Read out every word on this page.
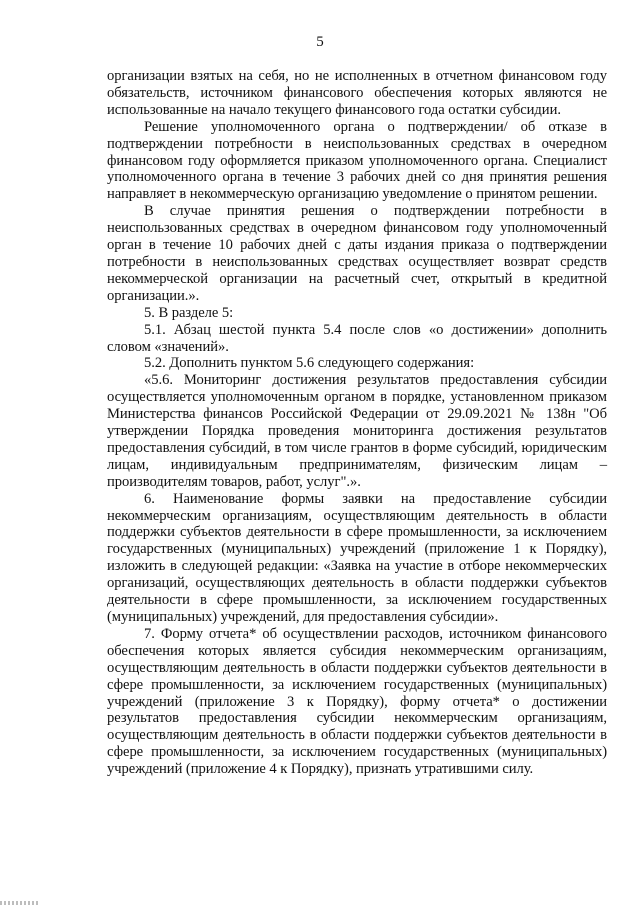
5

организации взятых на себя, но не исполненных в отчетном финансовом году обязательств, источником финансового обеспечения которых являются не использованные на начало текущего финансового года остатки субсидии.

Решение уполномоченного органа о подтверждении/ об отказе в подтверждении потребности в неиспользованных средствах в очередном финансовом году оформляется приказом уполномоченного органа. Специалист уполномоченного органа в течение 3 рабочих дней со дня принятия решения направляет в некоммерческую организацию уведомление о принятом решении.

В случае принятия решения о подтверждении потребности в неиспользованных средствах в очередном финансовом году уполномоченный орган в течение 10 рабочих дней с даты издания приказа о подтверждении потребности в неиспользованных средствах осуществляет возврат средств некоммерческой организации на расчетный счет, открытый в кредитной организации.».

5. В разделе 5:

5.1. Абзац шестой пункта 5.4 после слов «о достижении» дополнить словом «значений».

5.2. Дополнить пунктом 5.6 следующего содержания:

«5.6. Мониторинг достижения результатов предоставления субсидии осуществляется уполномоченным органом в порядке, установленном приказом Министерства финансов Российской Федерации от 29.09.2021 № 138н "Об утверждении Порядка проведения мониторинга достижения результатов предоставления субсидий, в том числе грантов в форме субсидий, юридическим лицам, индивидуальным предпринимателям, физическим лицам – производителям товаров, работ, услуг".».

6. Наименование формы заявки на предоставление субсидии некоммерческим организациям, осуществляющим деятельность в области поддержки субъектов деятельности в сфере промышленности, за исключением государственных (муниципальных) учреждений (приложение 1 к Порядку), изложить в следующей редакции: «Заявка на участие в отборе некоммерческих организаций, осуществляющих деятельность в области поддержки субъектов деятельности в сфере промышленности, за исключением государственных (муниципальных) учреждений, для предоставления субсидии».

7. Форму отчета* об осуществлении расходов, источником финансового обеспечения которых является субсидия некоммерческим организациям, осуществляющим деятельность в области поддержки субъектов деятельности в сфере промышленности, за исключением государственных (муниципальных) учреждений (приложение 3 к Порядку), форму отчета* о достижении результатов предоставления субсидии некоммерческим организациям, осуществляющим деятельность в области поддержки субъектов деятельности в сфере промышленности, за исключением государственных (муниципальных) учреждений (приложение 4 к Порядку), признать утратившими силу.
